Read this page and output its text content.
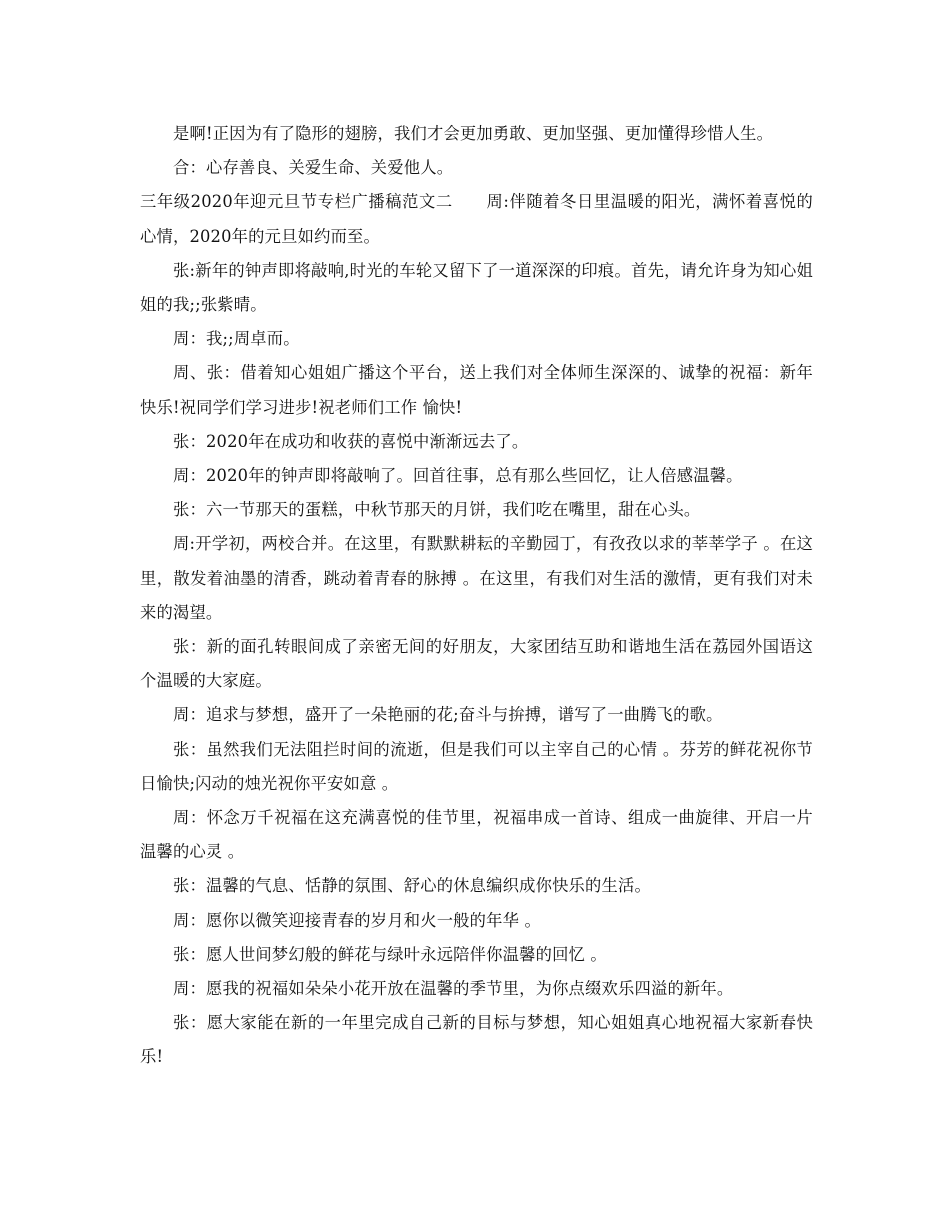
是啊!正因为有了隐形的翅膀，我们才会更加勇敢、更加坚强、更加懂得珍惜人生。

合：心存善良、关爱生命、关爱他人。

三年级2020年迎元旦节专栏广播稿范文二　　周:伴随着冬日里温暖的阳光，满怀着喜悦的心情，2020年的元旦如约而至。

张:新年的钟声即将敲响,时光的车轮又留下了一道深深的印痕。首先，请允许身为知心姐姐的我;;张紫晴。

周：我;;周卓而。

周、张：借着知心姐姐广播这个平台，送上我们对全体师生深深的、诚挚的祝福：新年快乐!祝同学们学习进步!祝老师们工作 愉快!

张：2020年在成功和收获的喜悦中渐渐远去了。

周：2020年的钟声即将敲响了。回首往事，总有那么些回忆，让人倍感温馨。

张：六一节那天的蛋糕，中秋节那天的月饼，我们吃在嘴里，甜在心头。

周:开学初，两校合并。在这里，有默默耕耘的辛勤园丁，有孜孜以求的莘莘学子 。在这里，散发着油墨的清香，跳动着青春的脉搏 。在这里，有我们对生活的激情，更有我们对未来的渴望。

张：新的面孔转眼间成了亲密无间的好朋友，大家团结互助和谐地生活在荔园外国语这个温暖的大家庭。

周：追求与梦想，盛开了一朵艳丽的花;奋斗与拚搏，谱写了一曲腾飞的歌。

张：虽然我们无法阻拦时间的流逝，但是我们可以主宰自己的心情 。芬芳的鲜花祝你节日愉快;闪动的烛光祝你平安如意 。

周：怀念万千祝福在这充满喜悦的佳节里，祝福串成一首诗、组成一曲旋律、开启一片温馨的心灵 。

张：温馨的气息、恬静的氛围、舒心的休息编织成你快乐的生活。

周：愿你以微笑迎接青春的岁月和火一般的年华 。

张：愿人世间梦幻般的鲜花与绿叶永远陪伴你温馨的回忆 。

周：愿我的祝福如朵朵小花开放在温馨的季节里，为你点缀欢乐四溢的新年。

张：愿大家能在新的一年里完成自己新的目标与梦想，知心姐姐真心地祝福大家新春快乐!
